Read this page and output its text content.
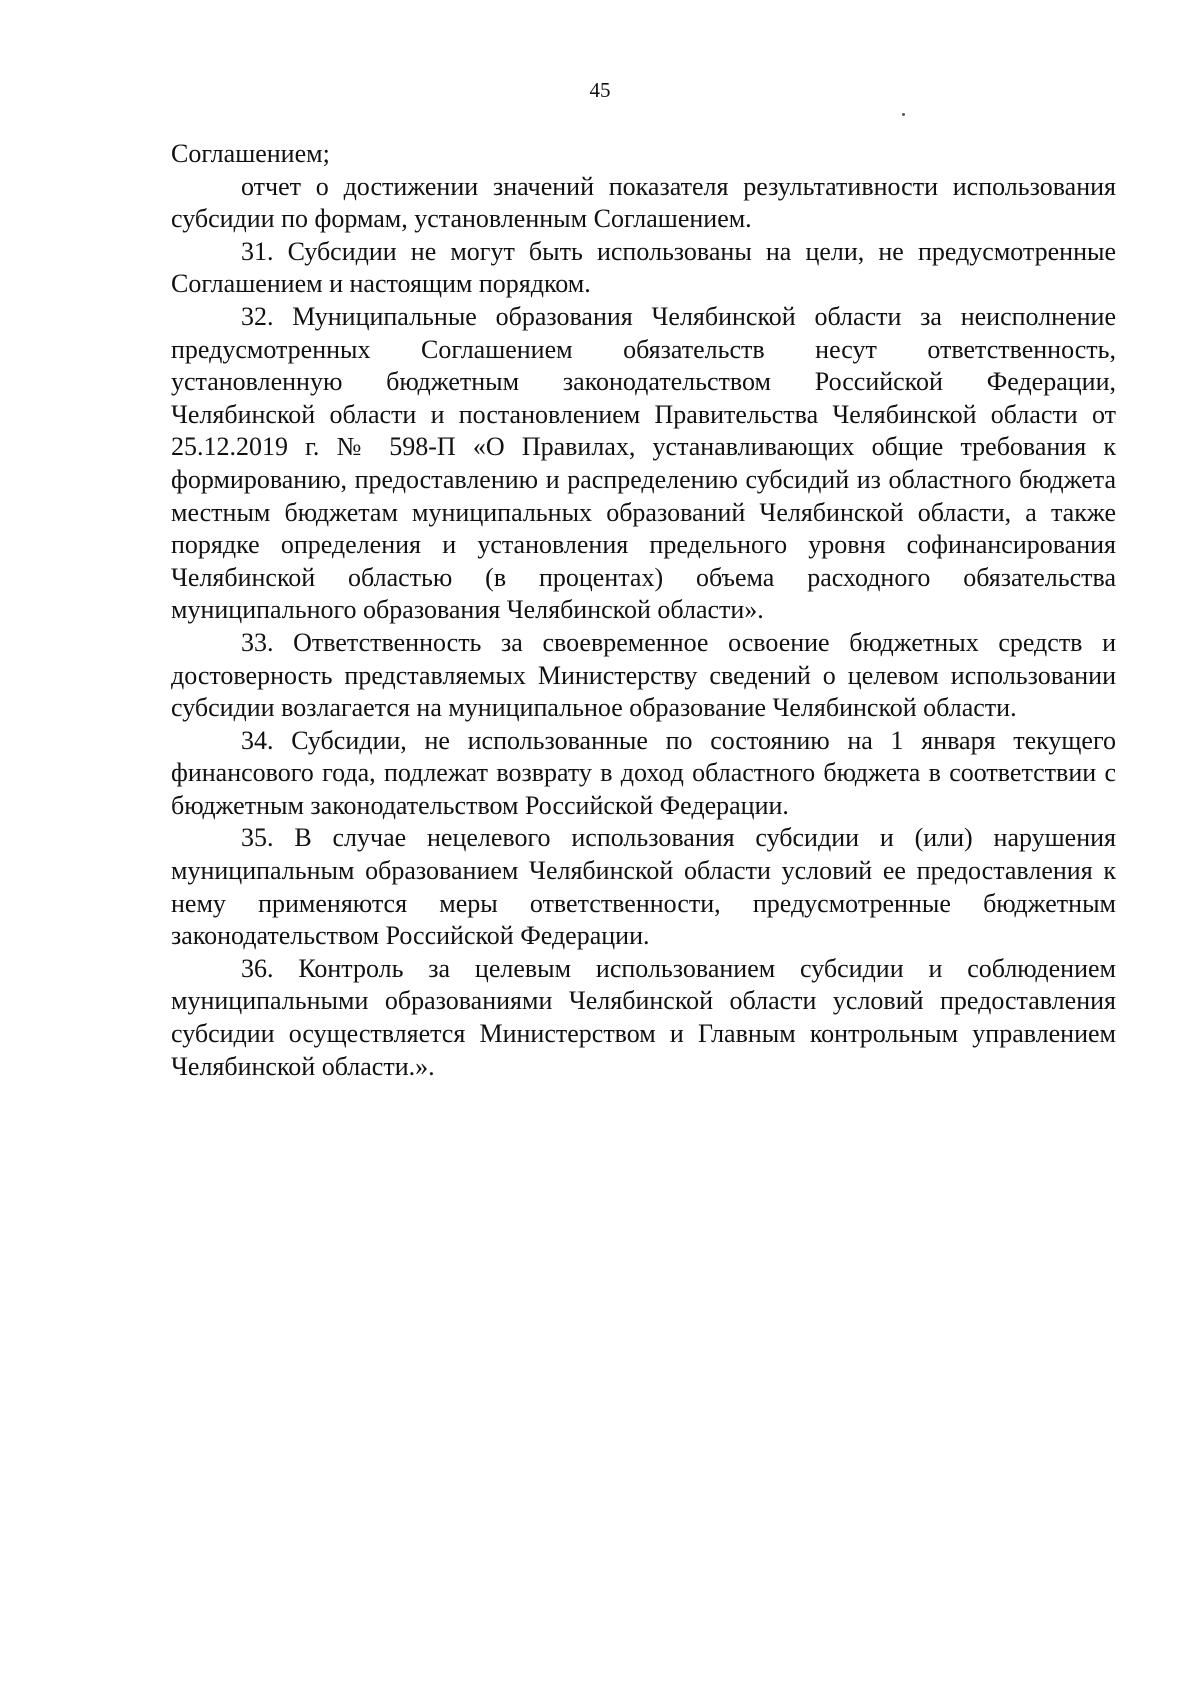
45

Соглашением;

отчет о достижении значений показателя результативности использования субсидии по формам, установленным Соглашением.

31. Субсидии не могут быть использованы на цели, не предусмотренные Соглашением и настоящим порядком.

32. Муниципальные образования Челябинской области за неисполнение предусмотренных Соглашением обязательств несут ответственность, установленную бюджетным законодательством Российской Федерации, Челябинской области и постановлением Правительства Челябинской области от 25.12.2019 г. № 598-П «О Правилах, устанавливающих общие требования к формированию, предоставлению и распределению субсидий из областного бюджета местным бюджетам муниципальных образований Челябинской области, а также порядке определения и установления предельного уровня софинансирования Челябинской областью (в процентах) объема расходного обязательства муниципального образования Челябинской области».

33. Ответственность за своевременное освоение бюджетных средств и достоверность представляемых Министерству сведений о целевом использовании субсидии возлагается на муниципальное образование Челябинской области.

34. Субсидии, не использованные по состоянию на 1 января текущего финансового года, подлежат возврату в доход областного бюджета в соответствии с бюджетным законодательством Российской Федерации.

35. В случае нецелевого использования субсидии и (или) нарушения муниципальным образованием Челябинской области условий ее предоставления к нему применяются меры ответственности, предусмотренные бюджетным законодательством Российской Федерации.

36. Контроль за целевым использованием субсидии и соблюдением муниципальными образованиями Челябинской области условий предоставления субсидии осуществляется Министерством и Главным контрольным управлением Челябинской области.».
